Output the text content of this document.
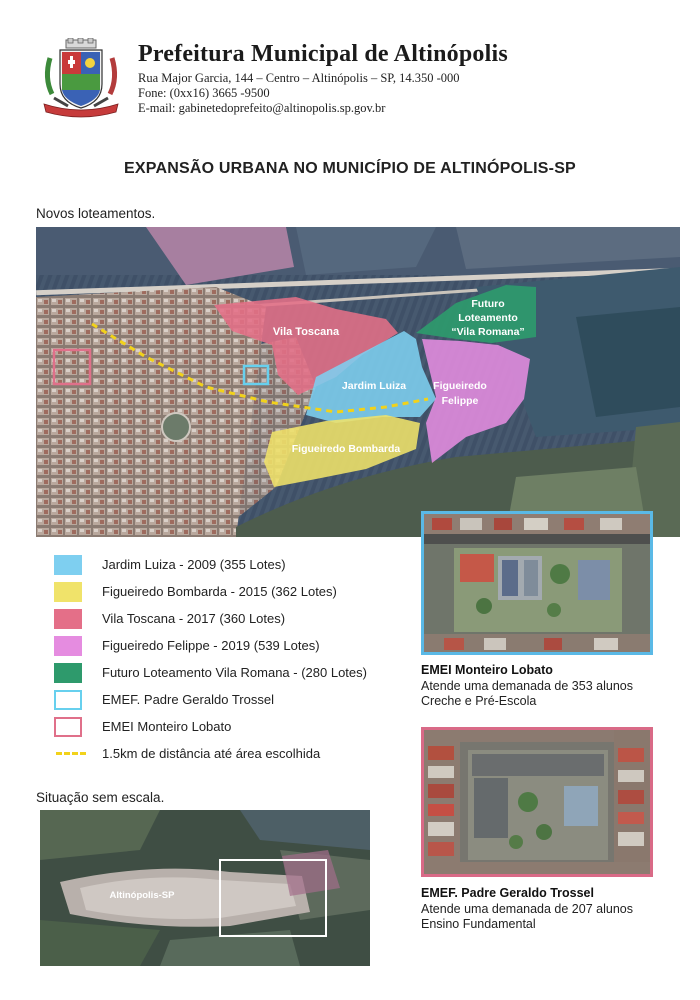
Prefeitura Municipal de Altinópolis
Rua Major Garcia, 144 – Centro – Altinópolis – SP, 14.350 -000
Fone: (0xx16) 3665 -9500
E-mail: gabinetedoprefeito@altinopolis.sp.gov.br
EXPANSÃO URBANA NO MUNICÍPIO DE ALTINÓPOLIS-SP
Novos loteamentos.
Vila Toscana
Jardim Luiza
Figueiredo Bombarda
Figueiredo
Felippe
Futuro
Loteamento
“Vila Romana”
Jardim Luiza - 2009 (355 Lotes)
Figueiredo Bombarda - 2015 (362 Lotes)
Vila Toscana - 2017 (360 Lotes)
Figueiredo Felippe - 2019 (539 Lotes)
Futuro Loteamento Vila Romana - (280 Lotes)
EMEF. Padre Geraldo Trossel
EMEI Monteiro Lobato
1.5km de distância até área escolhida
EMEI Monteiro Lobato
Atende uma demanada de 353 alunos
Creche e Pré-Escola
EMEF. Padre Geraldo Trossel
Atende uma demanada de 207 alunos
Ensino Fundamental
Situação sem escala.
Altinópolis-SP
